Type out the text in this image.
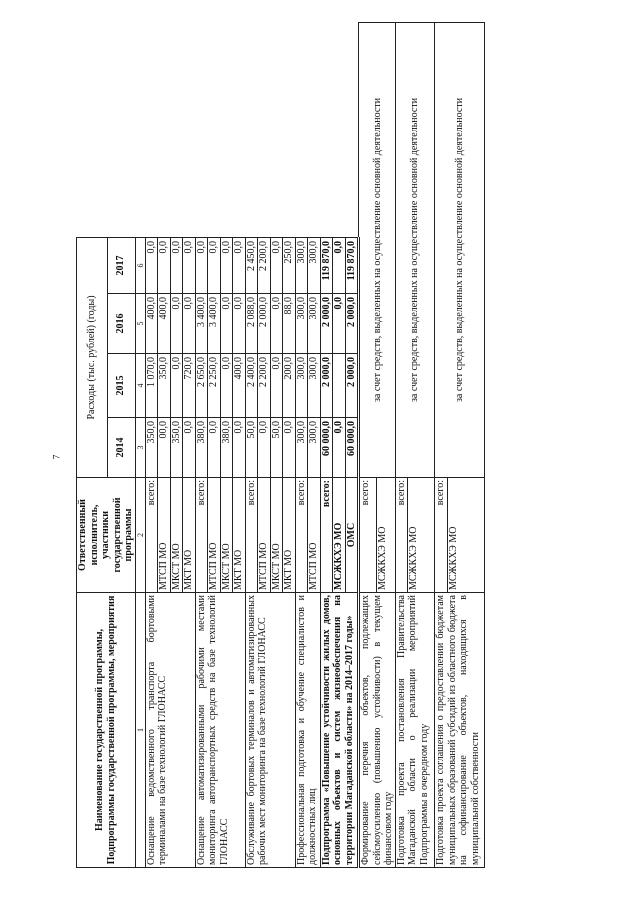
7
Наименование государственной программы, Подпрограммы государственной программы, мероприятия	Ответственный исполнитель, участники государственной программы	Расходы (тыс. рублей) (годы)				
		2014	2015	2016	2017	
1	2	3	4	5	6	
Оснащение ведомственного транспорта бортовыми терминалами на базе технологий ГЛОНАСС	всего:	350,0	1 070,0	400,0	0,0	
	МТСП МО	00,0	350,0	400,0	0,0	
	МКСТ МО	350,0	0,0	0,0	0,0	
	МКТ МО	0,0	720,0	0,0	0,0	
Оснащение автоматизированными рабочими местами мониторинга автотранспортных средств на базе технологий ГЛОНАСС	всего:	380,0	2 650,0	3 400,0	0,0	
	МТСП МО	0,0	2 250,0	3 400,0	0,0	
	МКСТ МО	380,0	0,0	0,0	0,0	
	МКТ МО	0,0	400,0	0,0	0,0	
Обслуживание бортовых терминалов и автоматизированных рабочих мест мониторинга на базе технологий ГЛОНАСС	всего:	50,0	2 400,0	2 088,0	2 450,0	
	МТСП МО	0,0	2 200,0	2 000,0	2 200,0	
	МКСТ МО	50,0	0,0	0,0	0,0	
	МКТ МО	0,0	200,0	88,0	250,0	
Профессиональная подготовка и обучение специалистов и должностных лиц	всего:	300,0	300,0	300,0	300,0	
	МТСП МО	300,0	300,0	300,0	300,0	
Подпрограмма «Повышение устойчивости жилых домов, основных объектов и систем жизнеобеспечения на территории Магаданской области» на 2014–2017 годы»	всего:	60 000,0	2 000,0	2 000,0	119 870,0	
	МСЖКХЭ МО	0,0		0,0	0,0	
	ОМС	60 000,0	2 000,0	2 000,0	119 870,0	
Формирование перечня объектов, подлежащих сейсмоусилению (повышению устойчивости) в текущем финансовом году	всего:	за счет средств, выделенных на осуществление основной деятельности				
	МСЖКХЭ МО					
Подготовка проекта постановления Правительства Магаданской области о реализации мероприятий Подпрограммы в очередном году	всего:	за счет средств, выделенных на осуществление основной деятельности				
	МСЖКХЭ МО					
Подготовка проекта соглашения о предоставлении бюджетам муниципальных образований субсидий из областного бюджета на софинансирование объектов, находящихся в муниципальной собственности	всего:	за счет средств, выделенных на осуществление основной деятельности				
	МСЖКХЭ МО					
